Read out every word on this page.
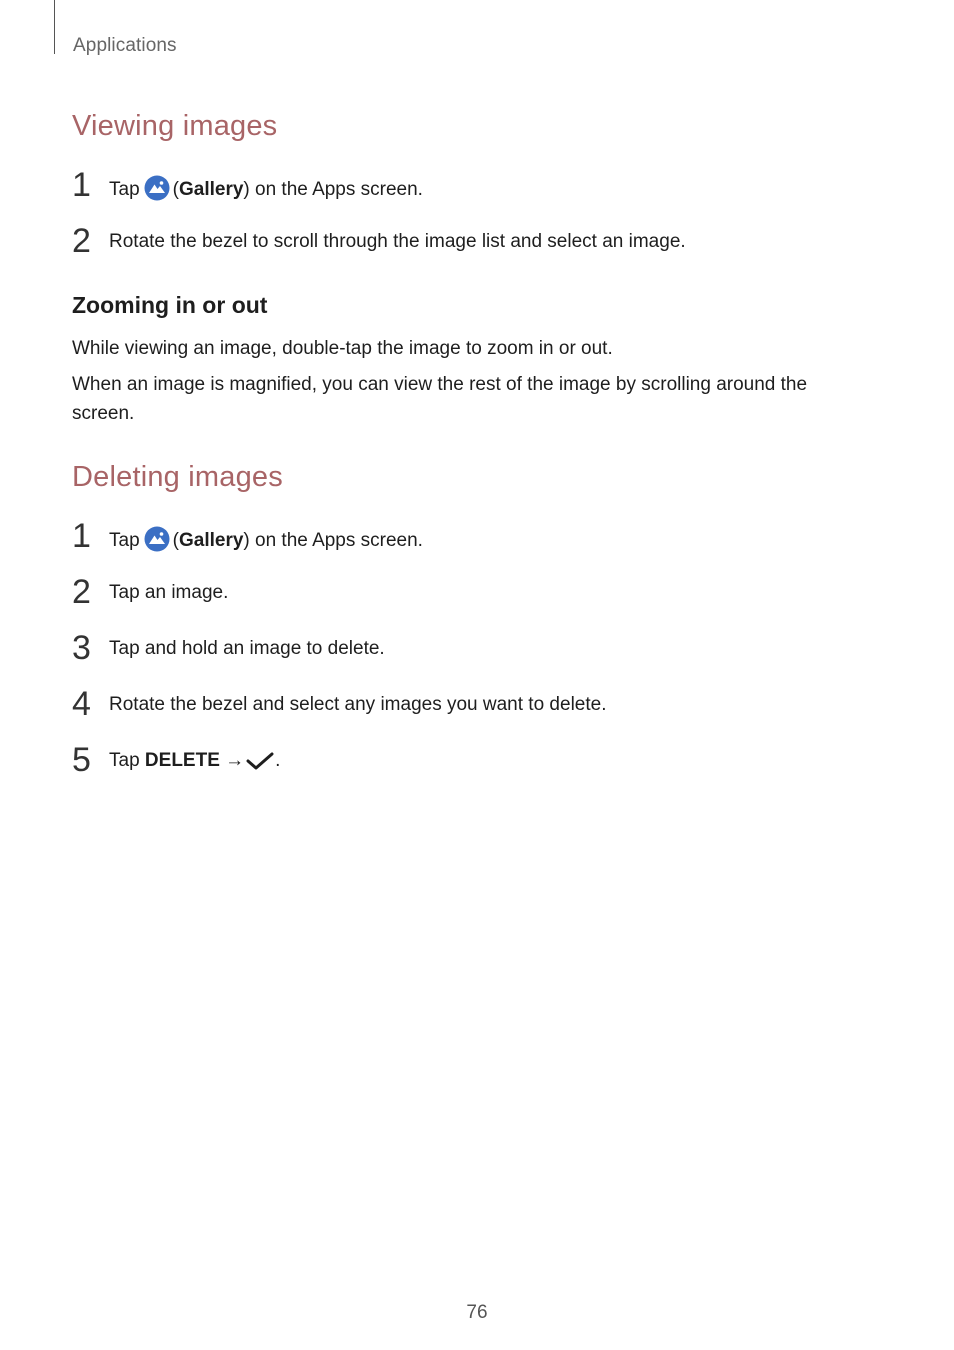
Applications
Viewing images
1 Tap (Gallery) on the Apps screen.
2 Rotate the bezel to scroll through the image list and select an image.
Zooming in or out

While viewing an image, double-tap the image to zoom in or out.

When an image is magnified, you can view the rest of the image by scrolling around the screen.

Deleting images
1 Tap (Gallery) on the Apps screen.
2 Tap an image.
3 Tap and hold an image to delete.
4 Rotate the bezel and select any images you want to delete.
5 Tap DELETE → .
76
